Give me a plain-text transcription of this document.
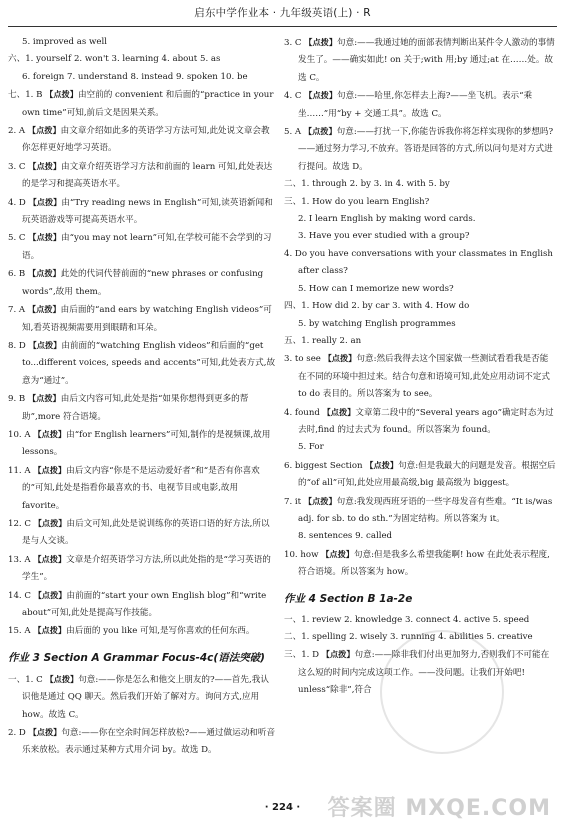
启东中学作业本 · 九年级英语(上) · R
5. improved as well
六、1. yourself 2. won't 3. learning 4. about 5. as
6. foreign 7. understand 8. instead 9. spoken 10. be
七、1. B 【点拨】由空前的 convenient 和后面的“practice in your own time”可知,前后文是因果关系。
2. A 【点拨】由文章介绍如此多的英语学习方法可知,此处说文章会教你怎样更好地学习英语。
3. C 【点拨】由文章介绍英语学习方法和前面的 learn 可知,此处表达的是学习和提高英语水平。
4. D 【点拨】由“Try reading news in English”可知,读英语新闻和玩英语游戏等可提高英语水平。
5. C 【点拨】由“you may not learn”可知,在学校可能不会学到的习语。
6. B 【点拨】此处的代词代替前面的“new phrases or confusing words”,故用 them。
7. A 【点拨】由后面的“and ears by watching English videos”可知,看英语视频需要用到眼睛和耳朵。
8. D 【点拨】由前面的“watching English videos”和后面的“get to...different voices, speeds and accents”可知,此处表方式,故意为“通过”。
9. B 【点拨】由后文内容可知,此处是指“如果你想得到更多的帮助”,more 符合语境。
10. A 【点拨】由“for English learners”可知,制作的是视频课,故用 lessons。
11. A 【点拨】由后文内容“你是不是运动爱好者”和“是否有你喜欢的”可知,此处是指看你最喜欢的书、电视节目或电影,故用 favorite。
12. C 【点拨】由后文可知,此处是说训练你的英语口语的好方法,所以是与人交谈。
13. A 【点拨】文章是介绍英语学习方法,所以此处指的是“学习英语的学生”。
14. C 【点拨】由前面的“start your own English blog”和“write about”可知,此处是提高写作技能。
15. A 【点拨】由后面的 you like 可知,是写你喜欢的任何东西。
作业 3 Section A Grammar Focus-4c(语法突破)
一、1. C 【点拨】句意:——你是怎么和他交上朋友的?——首先,我认识他是通过 QQ 聊天。然后我们开始了解对方。询问方式,应用 how。故选 C。
2. D 【点拨】句意:——你在空余时间怎样放松?——通过做运动和听音乐来放松。表示通过某种方式用介词 by。故选 D。
3. C 【点拨】句意:——我通过她的面部表情判断出某件令人激动的事情发生了。——确实如此! on 关于;with 用;by 通过;at 在……处。故选 C。
4. C 【点拨】句意:——哈里,你怎样去上海?——坐飞机。表示“乘坐……”用“by + 交通工具”。故选 C。
5. A 【点拨】句意:——打扰一下,你能告诉我你将怎样实现你的梦想吗?——通过努力学习,不放弃。答语是回答的方式,所以问句是对方式进行提问。故选 D。
二、1. through 2. by 3. in 4. with 5. by
三、1. How do you learn English?
2. I learn English by making word cards.
3. Have you ever studied with a group?
4. Do you have conversations with your classmates in English after class?
5. How can I memorize new words?
四、1. How did 2. by car 3. with 4. How do
5. by watching English programmes
五、1. really 2. an
3. to see 【点拨】句意:然后我得去这个国家做一些测试看看我是否能在不同的环境中担过来。结合句意和语境可知,此处应用动词不定式 to do 表目的。所以答案为 to see。
4. found 【点拨】文章第二段中的“Several years ago”确定时态为过去时,find 的过去式为 found。所以答案为 found。
5. For
6. biggest Section 【点拨】句意:但是我最大的问题是发音。根据空后的“of all”可知,此处应用最高级,big 最高级为 biggest。
7. it 【点拨】句意:我发现西班牙语的一些字母发音有些难。“It is/was adj. for sb. to do sth.”为固定结构。所以答案为 it。
8. sentences 9. called
10. how 【点拨】句意:但是我多么希望我能啊! how 在此处表示程度,符合语境。所以答案为 how。
作业 4 Section B 1a-2e
一、1. review 2. knowledge 3. connect 4. active 5. speed
二、1. spelling 2. wisely 3. running 4. abilities 5. creative
三、1. D 【点拨】句意:——除非我们付出更加努力,否则我们不可能在这么短的时间内完成这项工作。——没问题。让我们开始吧! unless“除非”,符合
· 224 ·	答案圈 MXQE.COM
